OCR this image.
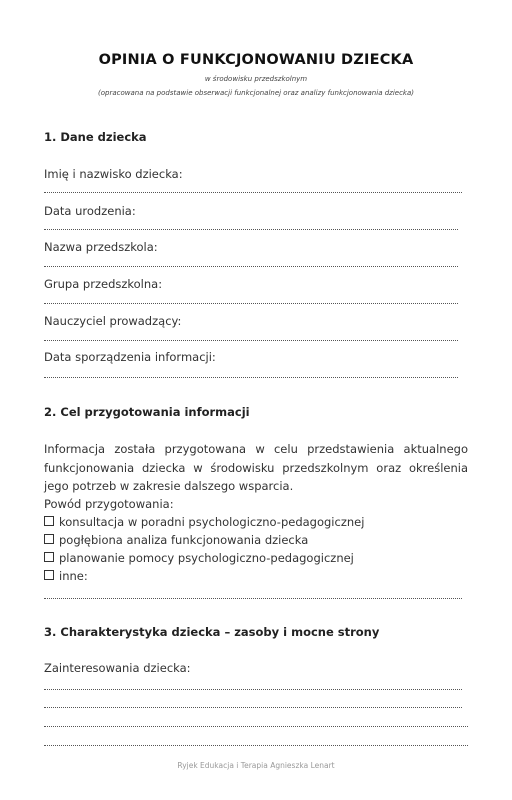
OPINIA O FUNKCJONOWANIU DZIECKA
w środowisku przedszkolnym
(opracowana na podstawie obserwacji funkcjonalnej oraz analizy funkcjonowania dziecka)
1. Dane dziecka
Imię i nazwisko dziecka:
Data urodzenia:
Nazwa przedszkola:
Grupa przedszkolna:
Nauczyciel prowadzący:
Data sporządzenia informacji:
2. Cel przygotowania informacji
Informacja została przygotowana w celu przedstawienia aktualnego funkcjonowania dziecka w środowisku przedszkolnym oraz określenia jego potrzeb w zakresie dalszego wsparcia.
Powód przygotowania:
konsultacja w poradni psychologiczno-pedagogicznej
pogłębiona analiza funkcjonowania dziecka
planowanie pomocy psychologiczno-pedagogicznej
inne:
3. Charakterystyka dziecka – zasoby i mocne strony
Zainteresowania dziecka:
Ryjek Edukacja i Terapia Agnieszka Lenart
